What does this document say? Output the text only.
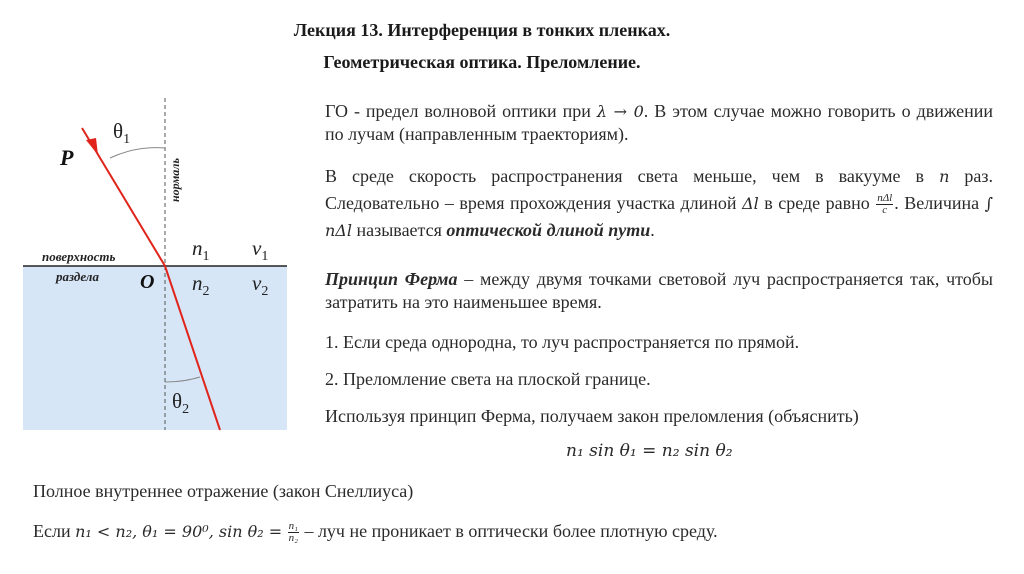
Лекция 13. Интерференция в тонких пленках.
Геометрическая оптика. Преломление.
P
O
$\theta_1$
$\theta_2$
нормаль
поверхность
раздела
$n_1$
$n_2$
$v_1$
$v_2$
ГО - предел волновой оптики при λ → 0. В этом случае можно говорить о движении по лучам (направленным траекториям).
В среде скорость распространения света меньше, чем в вакууме в n раз. Следовательно – время прохождения участка длиной Δl в среде равно $\frac{\text{nΔl}}{c}$ . Величина ∫ nΔl называется оптической длиной пути.
Принцип Ферма – между двумя точками световой луч распространяется так, чтобы затратить на это наименьшее время.
1. Если среда однородна, то луч распространяется по прямой.
2. Преломление света на плоской границе.
Используя принцип Ферма, получаем закон преломления (объяснить)
n₁ sin θ₁ = n₂ sin θ₂
Полное внутреннее отражение (закон Снеллиуса)
Если n₁ < n₂, θ₁ = 90⁰, $\sin \theta_2 = \frac{\text{n₁}}{\text{n₂}}$ – луч не проникает в оптически более плотную среду.
